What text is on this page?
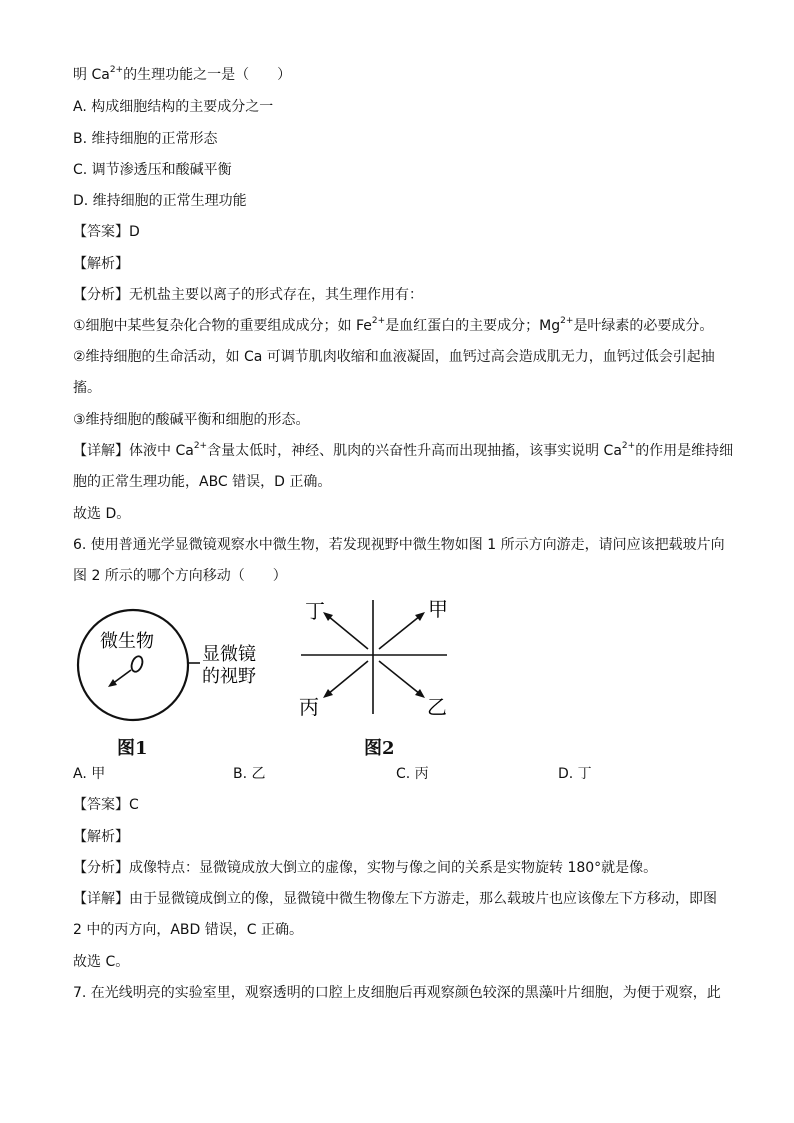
明 $Ca^{2+}$的生理功能之一是（　　）
A. 构成细胞结构的主要成分之一
B. 维持细胞的正常形态
C. 调节渗透压和酸碱平衡
D. 维持细胞的正常生理功能
【答案】D
【解析】
【分析】无机盐主要以离子的形式存在，其生理作用有：
①细胞中某些复杂化合物的重要组成成分；如 $Fe^{2+}$是血红蛋白的主要成分；$Mg^{2+}$是叶绿素的必要成分。
②维持细胞的生命活动，如 Ca 可调节肌肉收缩和血液凝固，血钙过高会造成肌无力，血钙过低会引起抽
搐。
③维持细胞的酸碱平衡和细胞的形态。
【详解】体液中 $Ca^{2+}$含量太低时，神经、肌肉的兴奋性升高而出现抽搐，该事实说明 $Ca^{2+}$的作用是维持细
胞的正常生理功能，ABC 错误，D 正确。
故选 D。
6. 使用普通光学显微镜观察水中微生物，若发现视野中微生物如图 1 所示方向游走，请问应该把载玻片向
图 2 所示的哪个方向移动（　　）
微生物
显微镜
的视野
图1
丁	甲
丙	乙
图2
A. 甲	B. 乙	C. 丙	D. 丁
【答案】C
【解析】
【分析】成像特点：显微镜成放大倒立的虚像，实物与像之间的关系是实物旋转 180°就是像。
【详解】由于显微镜成倒立的像，显微镜中微生物像左下方游走，那么载玻片也应该像左下方移动，即图
2 中的丙方向，ABD 错误，C 正确。
故选 C。
7. 在光线明亮的实验室里，观察透明的口腔上皮细胞后再观察颜色较深的黑藻叶片细胞，为便于观察，此
